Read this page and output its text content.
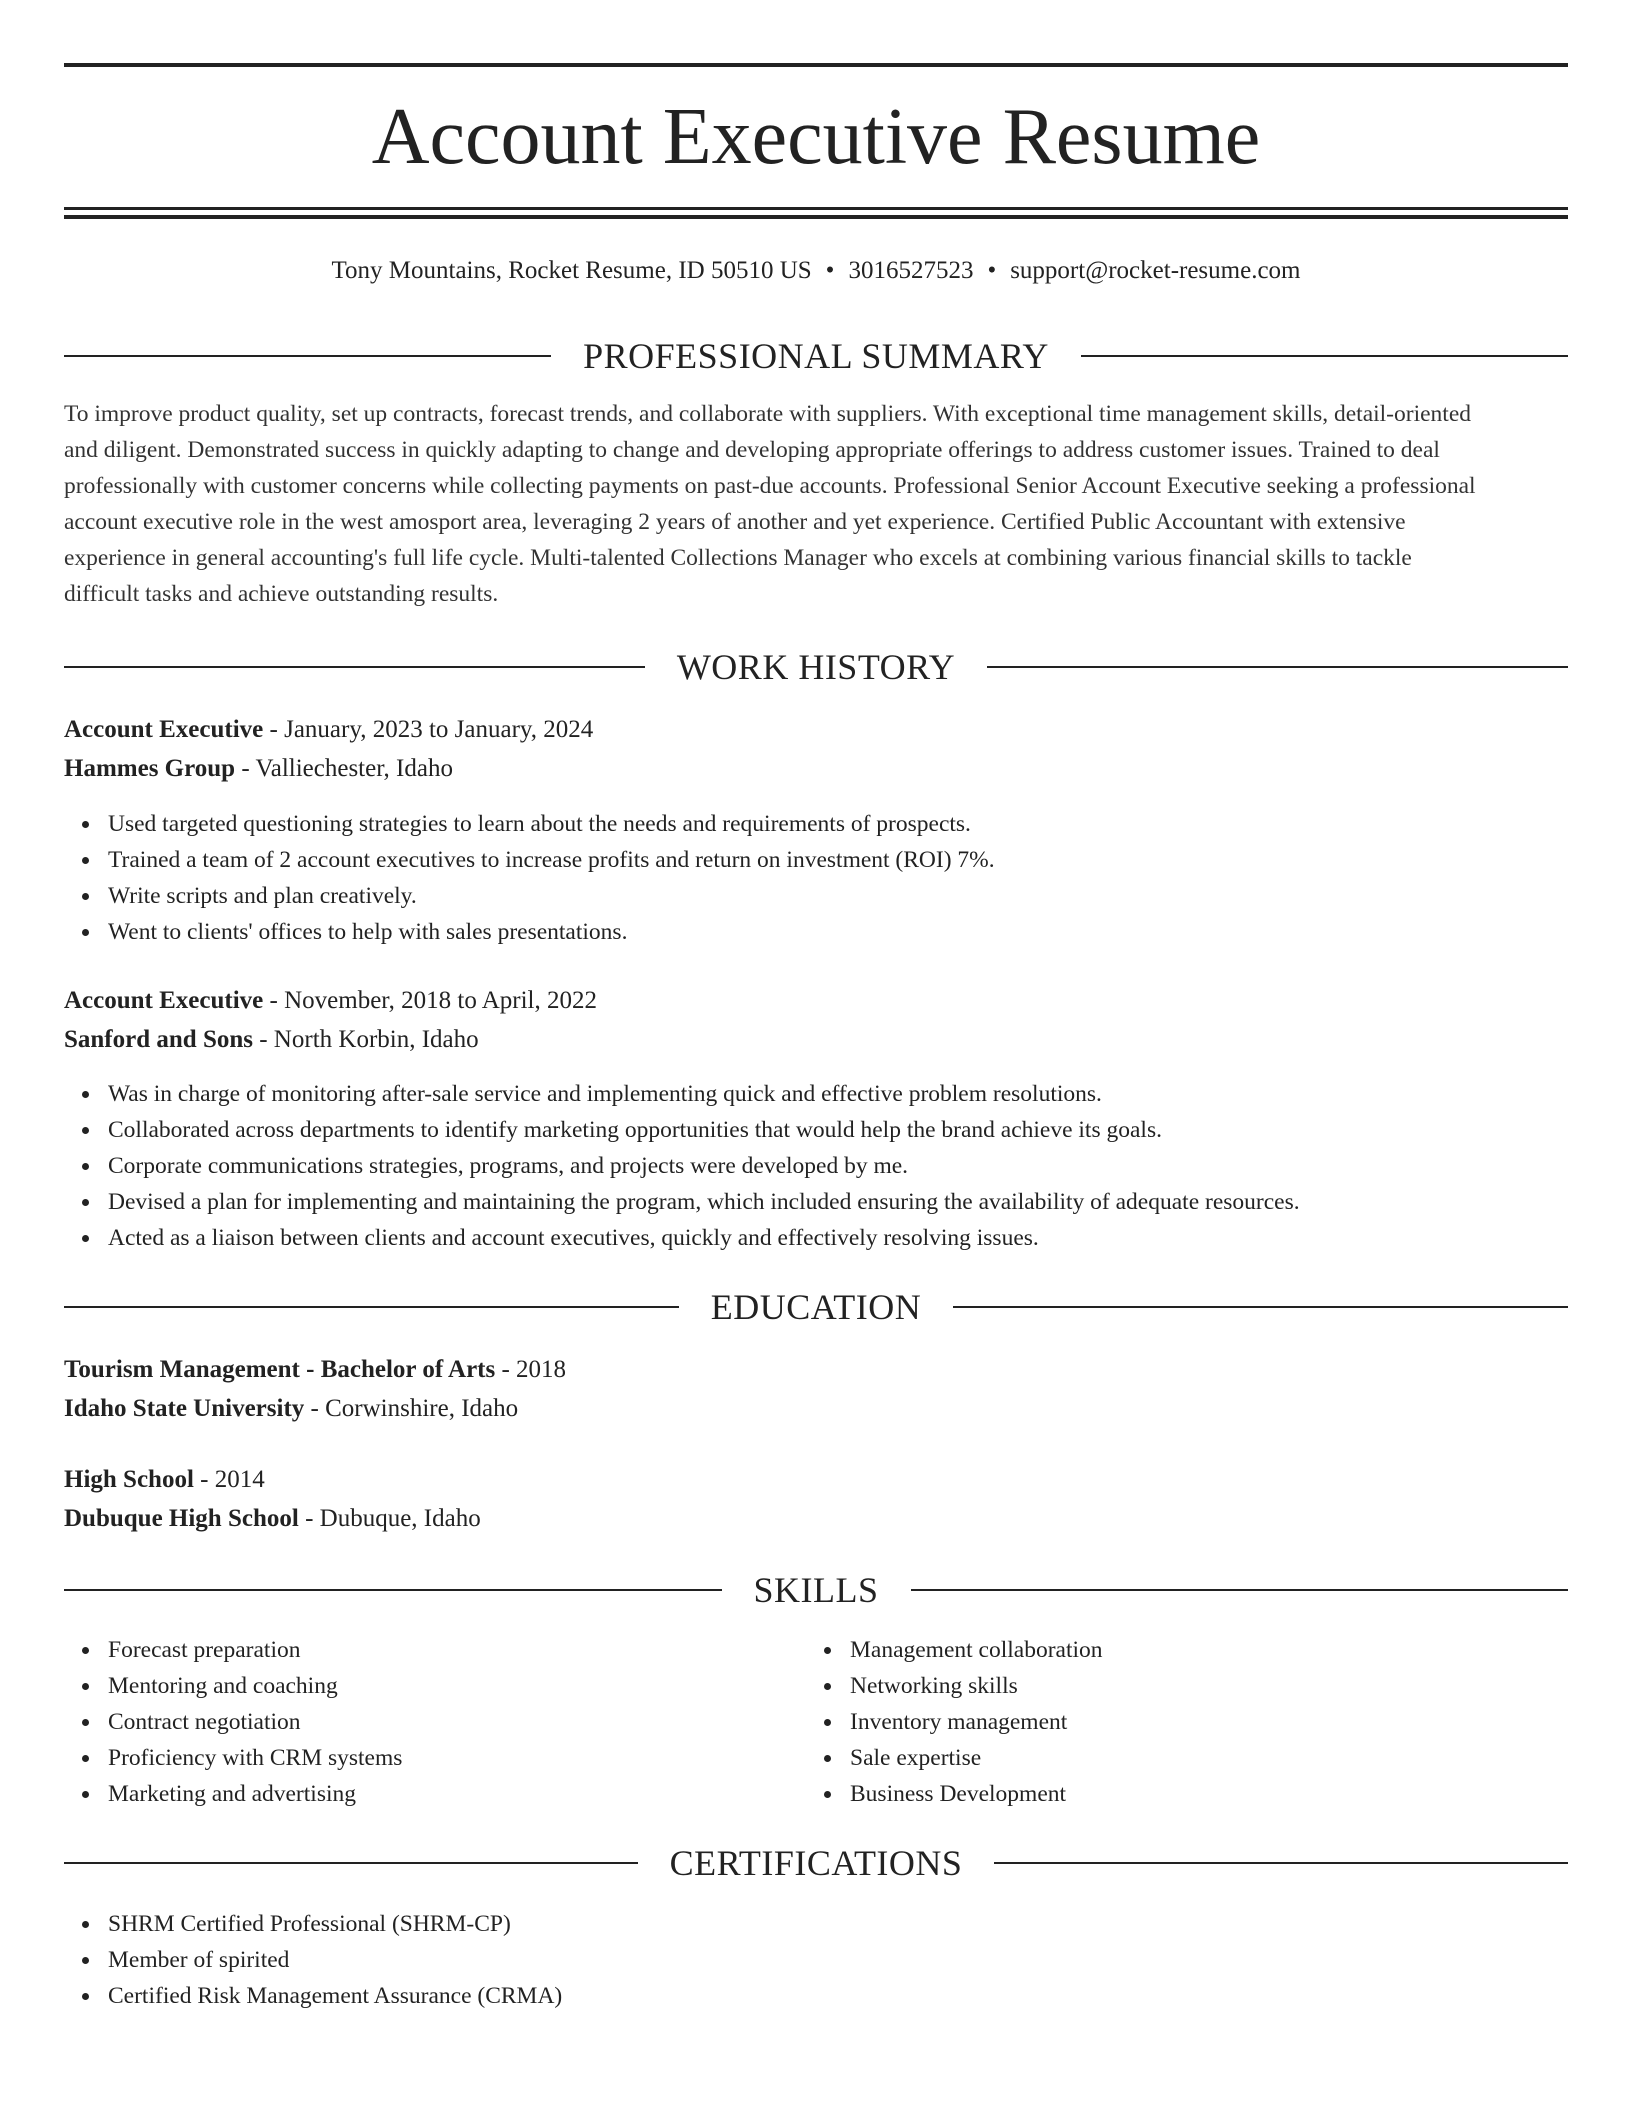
Account Executive Resume
Tony Mountains, Rocket Resume, ID 50510 US • 3016527523 • support@rocket-resume.com
PROFESSIONAL SUMMARY
To improve product quality, set up contracts, forecast trends, and collaborate with suppliers. With exceptional time management skills, detail-oriented
and diligent. Demonstrated success in quickly adapting to change and developing appropriate offerings to address customer issues. Trained to deal
professionally with customer concerns while collecting payments on past-due accounts. Professional Senior Account Executive seeking a professional
account executive role in the west amosport area, leveraging 2 years of another and yet experience. Certified Public Accountant with extensive
experience in general accounting's full life cycle. Multi-talented Collections Manager who excels at combining various financial skills to tackle
difficult tasks and achieve outstanding results.
WORK HISTORY
Account Executive - January, 2023 to January, 2024
Hammes Group - Valliechester, Idaho
Used targeted questioning strategies to learn about the needs and requirements of prospects.
Trained a team of 2 account executives to increase profits and return on investment (ROI) 7%.
Write scripts and plan creatively.
Went to clients' offices to help with sales presentations.
Account Executive - November, 2018 to April, 2022
Sanford and Sons - North Korbin, Idaho
Was in charge of monitoring after-sale service and implementing quick and effective problem resolutions.
Collaborated across departments to identify marketing opportunities that would help the brand achieve its goals.
Corporate communications strategies, programs, and projects were developed by me.
Devised a plan for implementing and maintaining the program, which included ensuring the availability of adequate resources.
Acted as a liaison between clients and account executives, quickly and effectively resolving issues.
EDUCATION
Tourism Management - Bachelor of Arts - 2018
Idaho State University - Corwinshire, Idaho
High School - 2014
Dubuque High School - Dubuque, Idaho
SKILLS
Forecast preparation
Mentoring and coaching
Contract negotiation
Proficiency with CRM systems
Marketing and advertising
Management collaboration
Networking skills
Inventory management
Sale expertise
Business Development
CERTIFICATIONS
SHRM Certified Professional (SHRM-CP)
Member of spirited
Certified Risk Management Assurance (CRMA)
